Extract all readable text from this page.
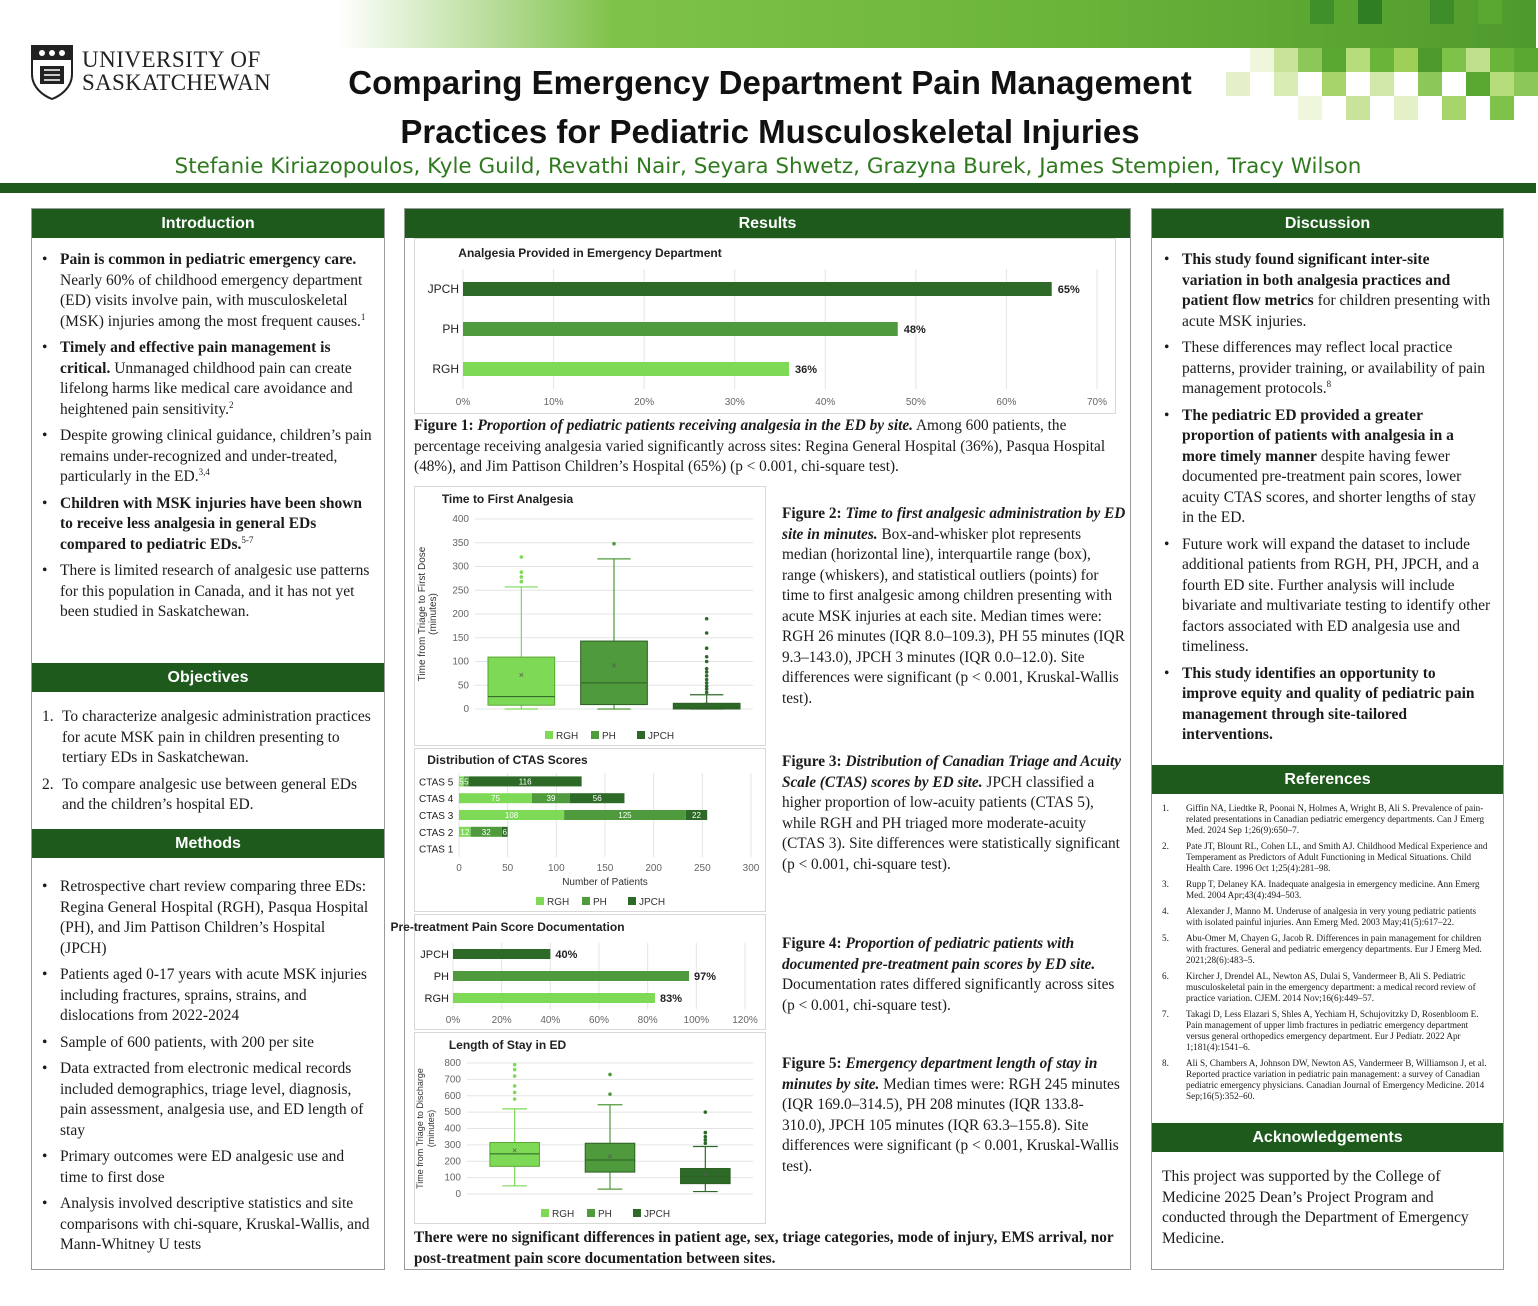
UNIVERSITY OF
SASKATCHEWAN	Comparing Emergency Department Pain Management
Practices for Pediatric Musculoskeletal Injuries
Stefanie Kiriazopoulos, Kyle Guild, Revathi Nair, Seyara Shwetz, Grazyna Burek, James Stempien, Tracy Wilson
Introduction
• Pain is common in pediatric emergency care. Nearly 60% of childhood emergency department (ED) visits involve pain, with musculoskeletal (MSK) injuries among the most frequent causes.$^1$
• Timely and effective pain management is critical. Unmanaged childhood pain can create lifelong harms like medical care avoidance and heightened pain sensitivity.$^2$
• Despite growing clinical guidance, children’s pain remains under-recognized and under-treated, particularly in the ED.$^{3,4}$
• Children with MSK injuries have been shown to receive less analgesia in general EDs compared to pediatric EDs.$^{5-7}$
• There is limited research of analgesic use patterns for this population in Canada, and it has not yet been studied in Saskatchewan.
Objectives
1. To characterize analgesic administration practices for acute MSK pain in children presenting to tertiary EDs in Saskatchewan.
2. To compare analgesic use between general EDs and the children’s hospital ED.
Methods
• Retrospective chart review comparing three EDs: Regina General Hospital (RGH), Pasqua Hospital (PH), and Jim Pattison Children’s Hospital (JPCH)
• Patients aged 0-17 years with acute MSK injuries including fractures, sprains, strains, and dislocations from 2022-2024
• Sample of 600 patients, with 200 per site
• Data extracted from electronic medical records included demographics, triage level, diagnosis, pain assessment, analgesia use, and ED length of stay
• Primary outcomes were ED analgesic use and time to first dose
• Analysis involved descriptive statistics and site comparisons with chi-square, Kruskal-Wallis, and Mann-Whitney U tests
Results
Analgesia Provided in Emergency Department
0%	10%	20%	30%	40%	50%	60%	70%
JPCH	65%
PH	48%
RGH	36%
Figure 1: Proportion of pediatric patients receiving analgesia in the ED by site. Among 600 patients, the percentage receiving analgesia varied significantly across sites: Regina General Hospital (36%), Pasqua Hospital (48%), and Jim Pattison Children’s Hospital (65%) (p < 0.001, chi-square test).
Time to First Analgesia
0
50
100
150
200
250
300
350
400
Time from Triage to First Dose(minutes)
×
×
×
RGH PH	JPCH
Figure 2: Time to first analgesic administration by ED site in minutes. Box-and-whisker plot represents median (horizontal line), interquartile range (box), range (whiskers), and statistical outliers (points) for time to first analgesic among children presenting with acute MSK injuries at each site. Median times were: RGH 26 minutes (IQR 8.0–109.3), PH 55 minutes (IQR 9.3–143.0), JPCH 3 minutes (IQR 0.0–12.0). Site differences were significant (p < 0.001, Kruskal-Wallis test).
Distribution of CTAS Scores
0	50	100	150	200	250	300
Number of Patients
CTAS 5 5 5	116
CTAS 4	75	39	56
CTAS 3	108	125	22
CTAS 2 12 32 6
CTAS 1
RGH PH	JPCH
Figure 3: Distribution of Canadian Triage and Acuity Scale (CTAS) scores by ED site. JPCH classified a higher proportion of low-acuity patients (CTAS 5), while RGH and PH triaged more moderate-acuity (CTAS 3). Site differences were statistically significant (p < 0.001, chi-square test).
Pre-treatment Pain Score Documentation
0%	20%	40%	60%	80%	100% 120%
JPCH	40%
PH	97%
RGH	83%
Figure 4: Proportion of pediatric patients with documented pre-treatment pain scores by ED site. Documentation rates differed significantly across sites (p < 0.001, chi-square test).
Length of Stay in ED
0
100
200
300
400
500
600
700
800
Time from Triage to Discharge(minutes)
×
×
×
RGH PH	JPCH
Figure 5: Emergency department length of stay in minutes by site. Median times were: RGH 245 minutes (IQR 169.0–314.5), PH 208 minutes (IQR 133.8-310.0), JPCH 105 minutes (IQR 63.3–155.8). Site differences were significant (p < 0.001, Kruskal-Wallis test).
There were no significant differences in patient age, sex, triage categories, mode of injury, EMS arrival, nor post-treatment pain score documentation between sites.
Discussion
• This study found significant inter-site variation in both analgesia practices and patient flow metrics for children presenting with acute MSK injuries.
• These differences may reflect local practice patterns, provider training, or availability of pain management protocols.$^8$
• The pediatric ED provided a greater proportion of patients with analgesia in a more timely manner despite having fewer documented pre-treatment pain scores, lower acuity CTAS scores, and shorter lengths of stay in the ED.
• Future work will expand the dataset to include additional patients from RGH, PH, JPCH, and a fourth ED site. Further analysis will include bivariate and multivariate testing to identify other factors associated with ED analgesia use and timeliness.
• This study identifies an opportunity to improve equity and quality of pediatric pain management through site-tailored interventions.
References
1. Giffin NA, Liedtke R, Poonai N, Holmes A, Wright B, Ali S. Prevalence of pain-related presentations in Canadian pediatric emergency departments. Can J Emerg Med. 2024 Sep 1;26(9):650–7.
2. Pate JT, Blount RL, Cohen LL, and Smith AJ. Childhood Medical Experience and Temperament as Predictors of Adult Functioning in Medical Situations. Child Health Care. 1996 Oct 1;25(4):281–98.
3. Rupp T, Delaney KA. Inadequate analgesia in emergency medicine. Ann Emerg Med. 2004 Apr;43(4):494–503.
4. Alexander J, Manno M. Underuse of analgesia in very young pediatric patients with isolated painful injuries. Ann Emerg Med. 2003 May;41(5):617–22.
5. Abu-Omer M, Chayen G, Jacob R. Differences in pain management for children with fractures. General and pediatric emergency departments. Eur J Emerg Med. 2021;28(6):483–5.
6. Kircher J, Drendel AL, Newton AS, Dulai S, Vandermeer B, Ali S. Pediatric musculoskeletal pain in the emergency department: a medical record review of practice variation. CJEM. 2014 Nov;16(6):449–57.
7. Takagi D, Less Elazari S, Shles A, Yechiam H, Schujovitzky D, Rosenbloom E. Pain management of upper limb fractures in pediatric emergency department versus general orthopedics emergency department. Eur J Pediatr. 2022 Apr 1;181(4):1541–6.
8. Ali S, Chambers A, Johnson DW, Newton AS, Vandermeer B, Williamson J, et al. Reported practice variation in pediatric pain management: a survey of Canadian pediatric emergency physicians. Canadian Journal of Emergency Medicine. 2014 Sep;16(5):352–60.
Acknowledgements
This project was supported by the College of Medicine 2025 Dean’s Project Program and conducted through the Department of Emergency Medicine.
